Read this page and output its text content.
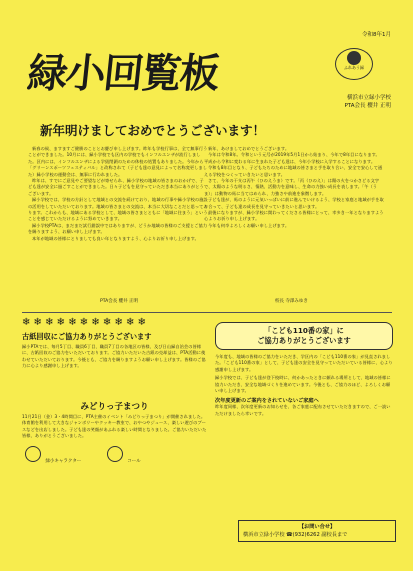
令和8年1月
緑小回覧板	ふれあう緑
横浜市立緑小学校
PTA会長 櫻井 正明
新年明けましておめでとうございます！

新春の候、ますますご健勝のこととお慶び申し上げます。昨年も学校行事は、全て無事行うことができました。10月には、緑小学校でも区内の学校でもインフルエンザが流行しました。区内には、インフルエンザによる学級閉鎖のための休校の処置もありました。今年から「グリーンスポーツフェスティバル」と改称されて（子ども達の意見によって名称変更しました）緑小学校の運動会は、無事に行われました。

昨年は、すでにご意見やご要望などが寄せられ、緑小学校の地域の皆さまのおかげで、子ども達が安全に過ごすことができました。日々子どもを見守っていただき本当にありがとうございます。

緑小学校では、学校の方針として地域との交流を続けており、地域の行事や緑小学校の施設の活用をしていただいております。地域の皆さまとの交流は、本当に大切なことだと思っております。これからも、地域にある学校として、地域の皆さまとともに「地域に住まう」ということを感じていただけるように努めていきます。

緑小学校PTAは、まだまだ試行錯誤中ではありますが、どうか地域の皆様のご支援とご協力を賜りますよう、お願い申し上げます。

本年が地域の皆様にとりましても良い年となりますよう、心よりお祈り申し上げます。

新年、あけましておめでとうございます。

今年は令和8年。令和という元号が2019年5月1日から始まり、今年で8年目になります。平成から令和に変わる年に生まれた子ども達は、今年小学校に入学することになります。

令和も8年目となり、子どもたちのために地域の皆さまと手を取り合い、安全で安心して通える学校をつくっていきたいと思います。

さて、今年の干支は丙午（ひのえうま）です。「丙（ひのえ）」は陽の火をつかさどる文字で、太陽のような明るさ、情熱、活動力を意味し、生命の力強い成長を表します。「午（うま）」は動物の馬に当てはめられ、力強さや前進を象徴します。

子ども達が、馬のように元気いっぱいに前に進んでいけるよう、学校と家庭と地域が手を取り合って、子ども達の成長を見守っていきたいと思います。

最後になりますが、緑小学校に関わってくださる皆様にとって、幸多き一年となりますよう心よりお祈り申し上げます。

今年も何卒よろしくお願い申し上げます。

PTA会長 櫻井 正明	校長 寺澤みゆき
❄ ❄ ❄ ❄ ❄ ❄ ❄ ❄ ❄ ❄ ❄
古紙回収にご協力ありがとうございます
緑小PTAでは、毎月5丁目、職員6丁目、職員7丁目の各地区の皆様、及び日山緑自治会の皆様に、古紙回収のご協力をいただいております。ご協力いただいた古紙の売却益は、PTA活動に使わせていただいております。今後とも、ご協力を賜りますようお願い申し上げます。皆様のご協力に心より感謝申し上げます。
みどりっ子まつり
11月21日（金）3・4時間目に、PTA主催のイベント「みどりっ子まつり」が開催されました。体育館を利用して大きなジャンボリーやクッキー教室で、おやつやジュース、楽しい遊びのブースなどを出店しました。子ども達の笑顔があふれる楽しい時間となりました。ご協力いただいた皆様、ありがとうございました。
緑小キャラクター	コール
「こども110番の家」に
ご協力ありがとうございます
今年度も、地域の皆様のご協力をいただき、学区内の「こども110番の家」が見直されました。「こども110番の家」として、子ども達の安全を見守っていただいている皆様に、心より感謝申し上げます。
緑小学校では、子ども達が登下校時に、何かあったときに頼れる場所として、地域の皆様に協力いただき、安全な地域づくりを進めています。今後とも、ご協力のほど、よろしくお願い申し上げます。
次年度更新のご案内をされていないご家庭へ
昨年度同様、次年度更新のお知らせを、各ご家庭に配布させていただきますので、ご一読いただけましたら幸いです。
【お問い合せ】
横浜市立緑小学校 ☎(932)6262 副校長まで
